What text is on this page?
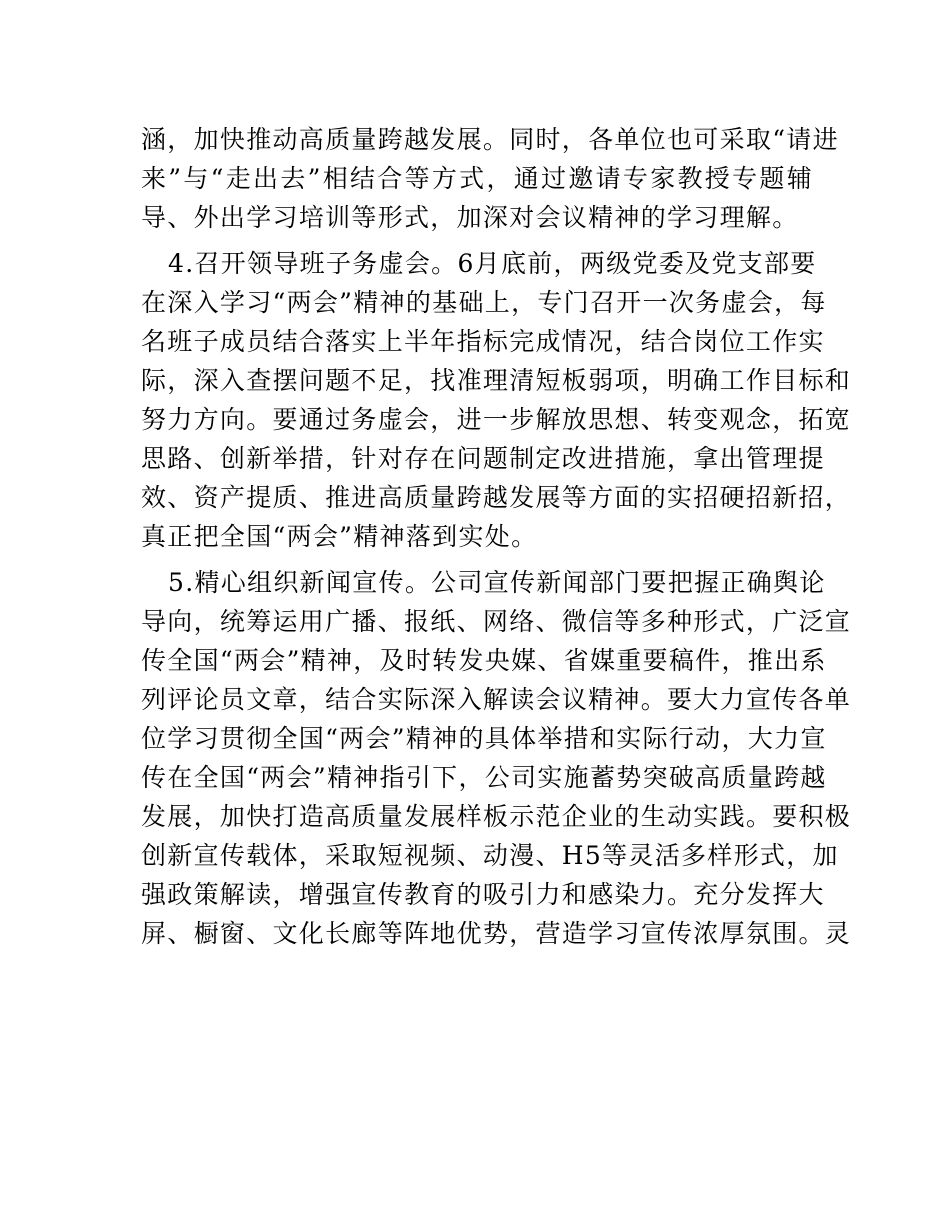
涵，加快推动高质量跨越发展。同时，各单位也可采取“请进
来”与“走出去”相结合等方式，通过邀请专家教授专题辅
导、外出学习培训等形式，加深对会议精神的学习理解。
4.召开领导班子务虚会。6月底前，两级党委及党支部要
在深入学习“两会”精神的基础上，专门召开一次务虚会，每
名班子成员结合落实上半年指标完成情况，结合岗位工作实
际，深入查摆问题不足，找准理清短板弱项，明确工作目标和
努力方向。要通过务虚会，进一步解放思想、转变观念，拓宽
思路、创新举措，针对存在问题制定改进措施，拿出管理提
效、资产提质、推进高质量跨越发展等方面的实招硬招新招，
真正把全国“两会”精神落到实处。
5.精心组织新闻宣传。公司宣传新闻部门要把握正确舆论
导向，统筹运用广播、报纸、网络、微信等多种形式，广泛宣
传全国“两会”精神，及时转发央媒、省媒重要稿件，推出系
列评论员文章，结合实际深入解读会议精神。要大力宣传各单
位学习贯彻全国“两会”精神的具体举措和实际行动，大力宣
传在全国“两会”精神指引下，公司实施蓄势突破高质量跨越
发展，加快打造高质量发展样板示范企业的生动实践。要积极
创新宣传载体，采取短视频、动漫、H5等灵活多样形式，加
强政策解读，增强宣传教育的吸引力和感染力。充分发挥大
屏、橱窗、文化长廊等阵地优势，营造学习宣传浓厚氛围。灵
